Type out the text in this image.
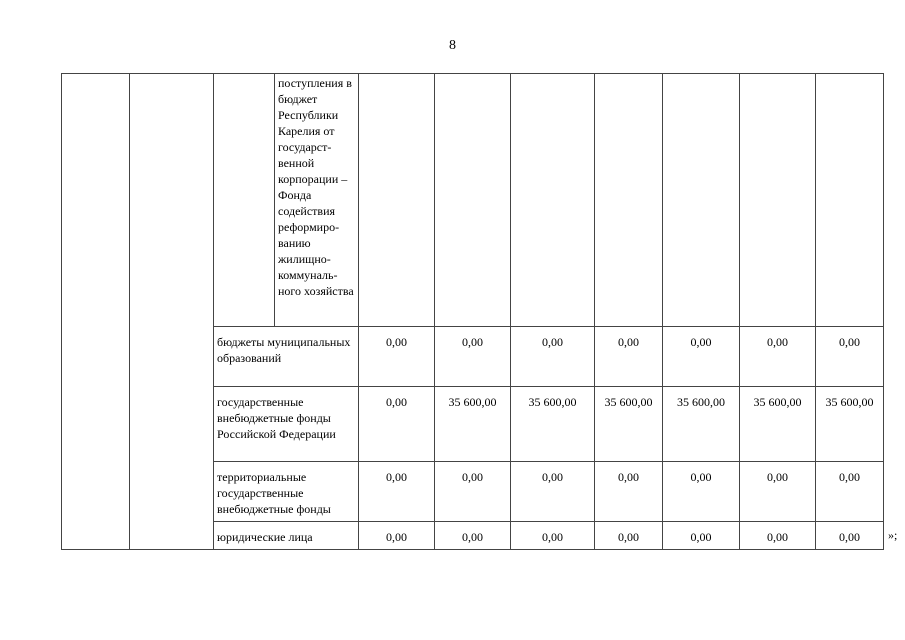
8
			поступления в бюджет Республики Карелия от государст-венной корпорации – Фонда содействия реформиро-ванию жилищно-коммуналь-ного хозяйства							
		бюджеты муниципальных образований		0,00	0,00	0,00	0,00	0,00	0,00	0,00
		государственные внебюджетные фонды Российской Федерации		0,00	35 600,00	35 600,00	35 600,00	35 600,00	35 600,00	35 600,00
		территориальные государственные внебюджетные фонды		0,00	0,00	0,00	0,00	0,00	0,00	0,00
		юридические лица		0,00	0,00	0,00	0,00	0,00	0,00	0,00 »;
